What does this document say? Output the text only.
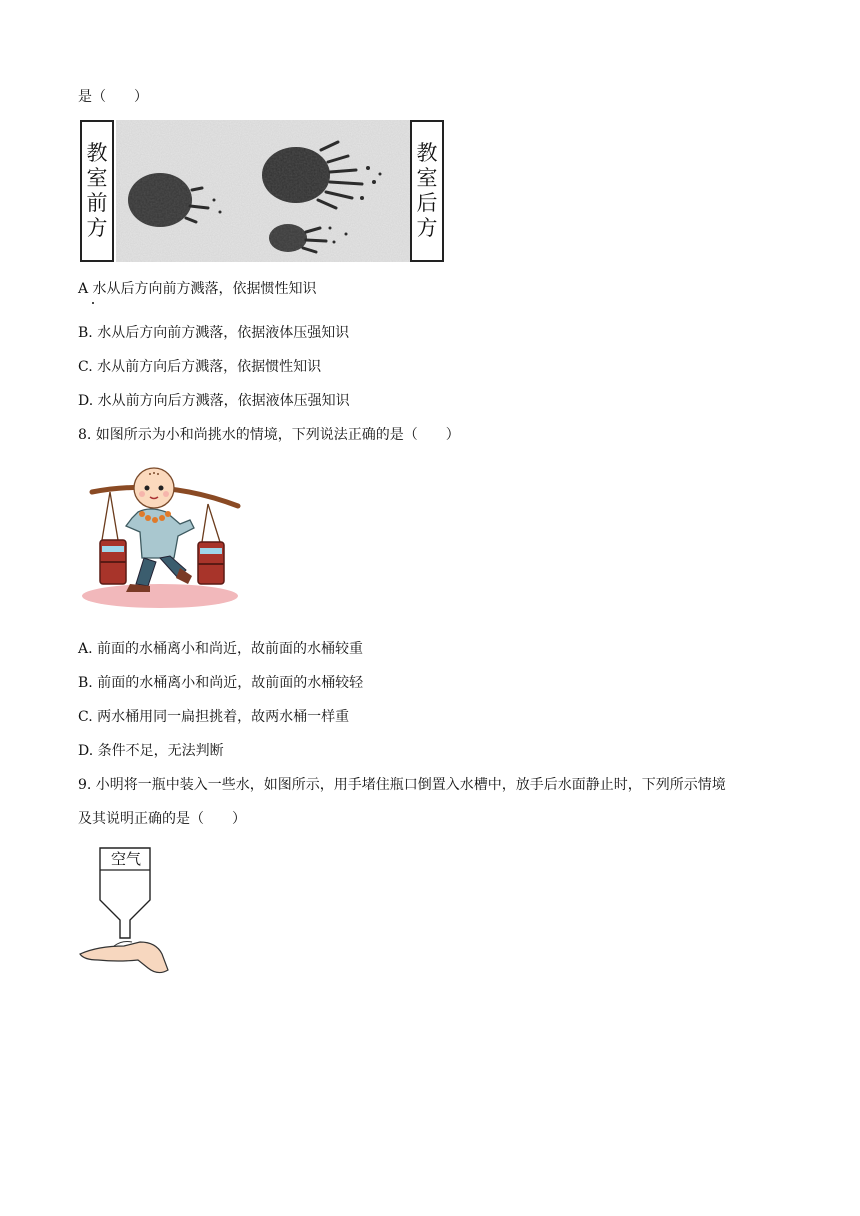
是（　　）
教
室
前
方
教
室
后
方
A 水从后方向前方溅落，依据惯性知识
B. 水从后方向前方溅落，依据液体压强知识
C. 水从前方向后方溅落，依据惯性知识
D. 水从前方向后方溅落，依据液体压强知识
8. 如图所示为小和尚挑水的情境，下列说法正确的是（　　）
A. 前面的水桶离小和尚近，故前面的水桶较重
B. 前面的水桶离小和尚近，故前面的水桶较轻
C. 两水桶用同一扁担挑着，故两水桶一样重
D. 条件不足，无法判断
9. 小明将一瓶中装入一些水，如图所示，用手堵住瓶口倒置入水槽中，放手后水面静止时，下列所示情境
及其说明正确的是（　　）
空气
